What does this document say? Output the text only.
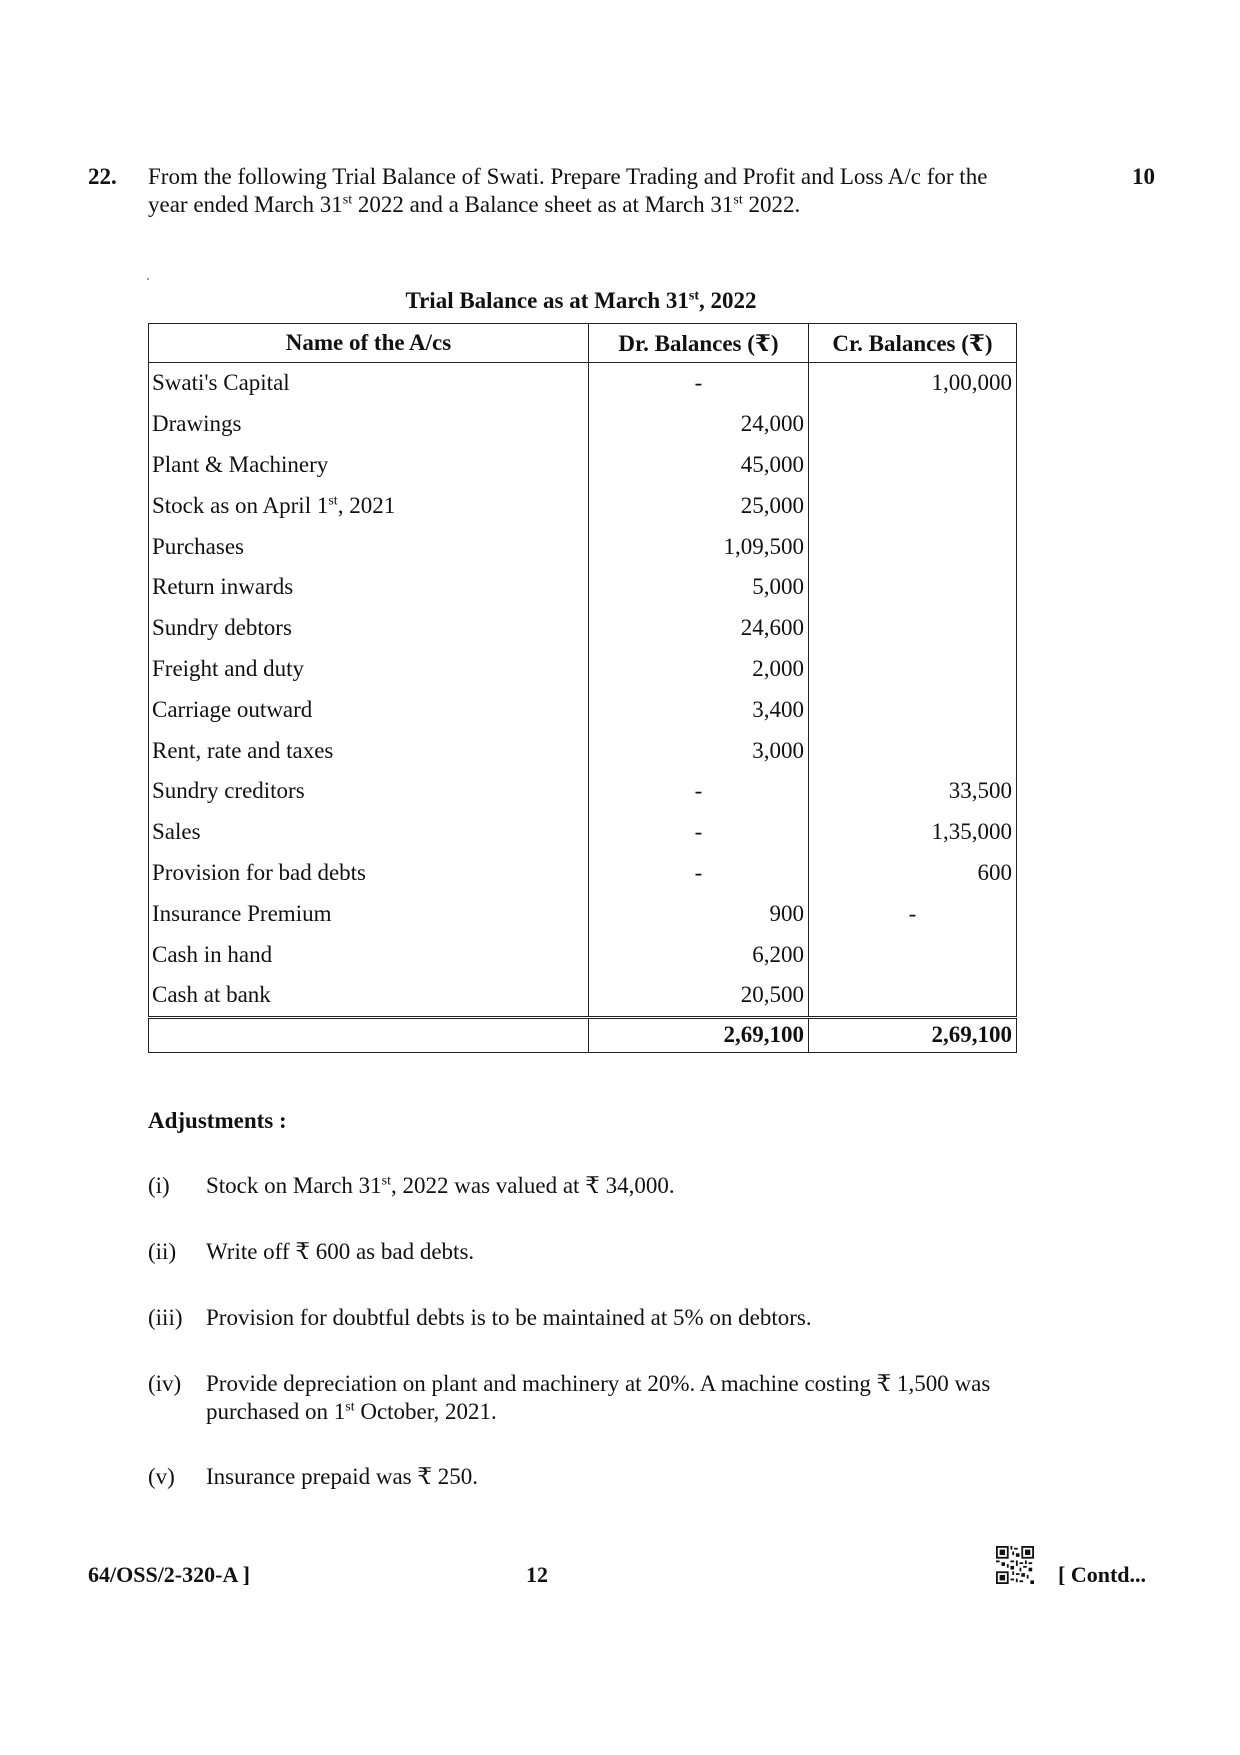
22. From the following Trial Balance of Swati. Prepare Trading and Profit and Loss A/c for the
year ended March 31st 2022 and a Balance sheet as at March 31st 2022.
10
Trial Balance as at March 31st, 2022
Name of the A/cs	Dr. Balances (₹)	Cr. Balances (₹)
Swati's Capital	-	1,00,000
Drawings	24,000	
Plant & Machinery	45,000	
Stock as on April 1st, 2021	25,000	
Purchases	1,09,500	
Return inwards	5,000	
Sundry debtors	24,600	
Freight and duty	2,000	
Carriage outward	3,400	
Rent, rate and taxes	3,000	
Sundry creditors	-	33,500
Sales	-	1,35,000
Provision for bad debts	-	600
Insurance Premium	900	-
Cash in hand	6,200	
Cash at bank	20,500	
	2,69,100	2,69,100
Adjustments :
(i) Stock on March 31st, 2022 was valued at ₹ 34,000.
(ii) Write off ₹ 600 as bad debts.
(iii) Provision for doubtful debts is to be maintained at 5% on debtors.
(iv) Provide depreciation on plant and machinery at 20%. A machine costing ₹ 1,500 was
purchased on 1st October, 2021.
(v) Insurance prepaid was ₹ 250.
64/OSS/2-320-A ]	12	[ Contd...
